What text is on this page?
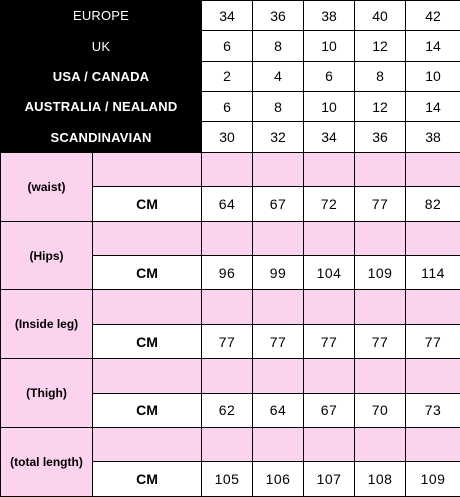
EUROPE		34	36	38	40	42
UK		6	8	10	12	14
USA / CANADA		2	4	6	8	10
AUSTRALIA / NEALAND		6	8	10	12	14
SCANDINAVIAN		30	32	34	36	38
(waist)						
	CM	64	67	72	77	82
(Hips)						
	CM	96	99	104	109	114
(Inside leg)						
	CM	77	77	77	77	77
(Thigh)						
	CM	62	64	67	70	73
(total length)						
	CM	105	106	107	108	109
